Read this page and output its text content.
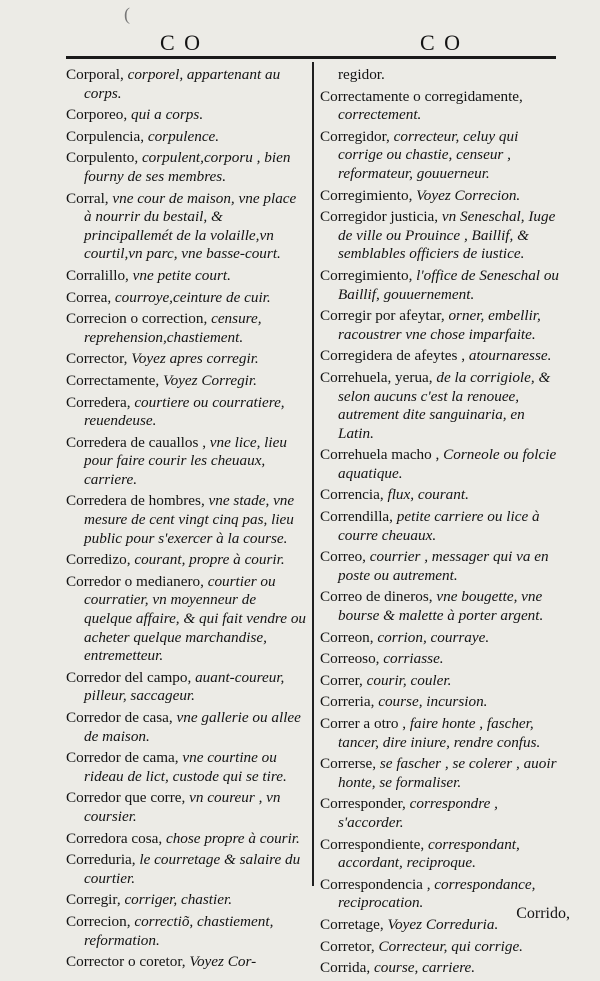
(
C O	C O
Corporal, corporel, appartenant au corps.
Corporeo, qui a corps.
Corpulencia, corpulence.
Corpulento, corpulent,corporu , bien fourny de ses membres.
Corral, vne cour de maison, vne place à nourrir du bestail, & principallemét de la volaille,vn courtil,vn parc, vne basse-court.
Corralillo, vne petite court.
Correa, courroye,ceinture de cuir.
Correcion o correction, censure, reprehension,chastiement.
Corrector, Voyez apres corregir.
Correctamente, Voyez Corregir.
Corredera, courtiere ou courratiere, reuendeuse.
Corredera de cauallos , vne lice, lieu pour faire courir les cheuaux, carriere.
Corredera de hombres, vne stade, vne mesure de cent vingt cinq pas, lieu public pour s'exercer à la course.
Corredizo, courant, propre à courir.
Corredor o medianero, courtier ou courratier, vn moyenneur de quelque affaire, & qui fait vendre ou acheter quelque marchandise, entremetteur.
Corredor del campo, auant-coureur, pilleur, saccageur.
Corredor de casa, vne gallerie ou allee de maison.
Corredor de cama, vne courtine ou rideau de lict, custode qui se tire.
Corredor que corre, vn coureur , vn coursier.
Corredora cosa, chose propre à courir.
Correduria, le courretage & salaire du courtier.
Corregir, corriger, chastier.
Correcion, correctiõ, chastiement, reformation.
Corrector o coretor, Voyez Cor-
regidor.
Correctamente o corregidamente, correctement.
Corregidor, correcteur, celuy qui corrige ou chastie, censeur , reformateur, gouuerneur.
Corregimiento, Voyez Correcion.
Corregidor justicia, vn Seneschal, Iuge de ville ou Prouince , Baillif, & semblables officiers de iustice.
Corregimiento, l'office de Seneschal ou Baillif, gouuernement.
Corregir por afeytar, orner, embellir, racoustrer vne chose imparfaite.
Corregidera de afeytes , atournaresse.
Correhuela, yerua, de la corrigiole, & selon aucuns c'est la renouee, autrement dite sanguinaria, en Latin.
Correhuela macho , Corneole ou folcie aquatique.
Correncia, flux, courant.
Correndilla, petite carriere ou lice à courre cheuaux.
Correo, courrier , messager qui va en poste ou autrement.
Correo de dineros, vne bougette, vne bourse & malette à porter argent.
Correon, corrion, courraye.
Correoso, corriasse.
Correr, courir, couler.
Correria, course, incursion.
Correr a otro , faire honte , fascher, tancer, dire iniure, rendre confus.
Correrse, se fascher , se colerer , auoir honte, se formaliser.
Corresponder, correspondre , s'accorder.
Correspondiente, correspondant, accordant, reciproque.
Correspondencia , correspondance, reciprocation.
Corretage, Voyez Correduria.
Corretor, Correcteur, qui corrige.
Corrida, course, carriere.
Corrido,
